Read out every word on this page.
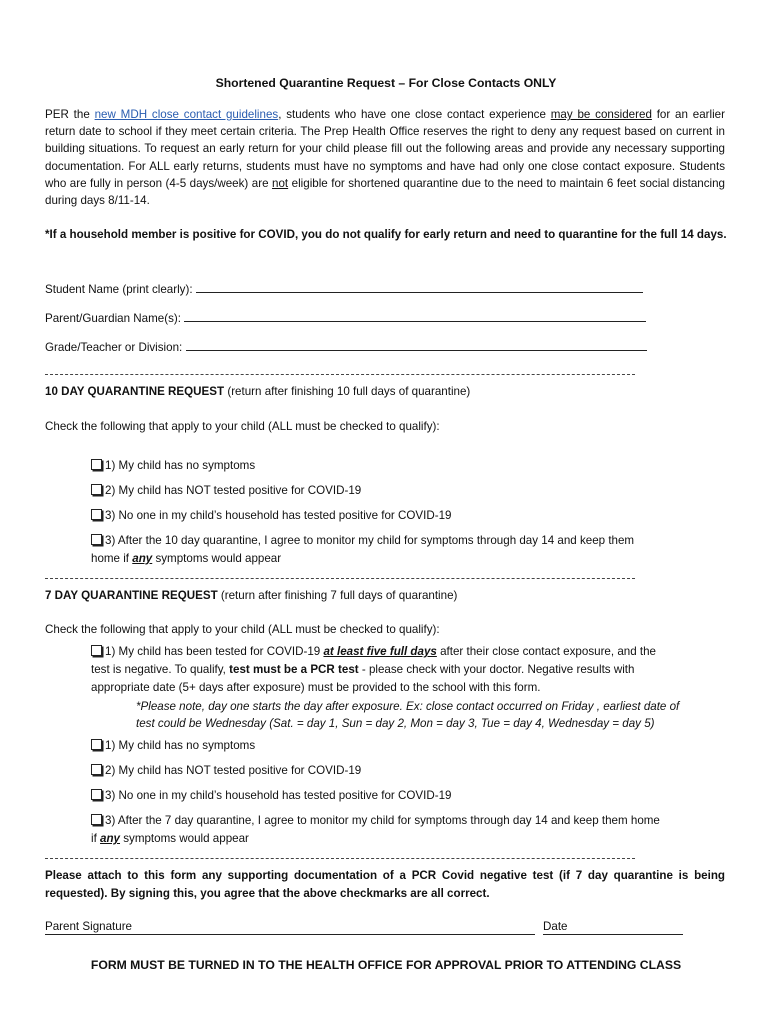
Shortened Quarantine Request – For Close Contacts ONLY
PER the new MDH close contact guidelines, students who have one close contact experience may be considered for an earlier return date to school if they meet certain criteria. The Prep Health Office reserves the right to deny any request based on current in building situations. To request an early return for your child please fill out the following areas and provide any necessary supporting documentation. For ALL early returns, students must have no symptoms and have had only one close contact exposure. Students who are fully in person (4-5 days/week) are not eligible for shortened quarantine due to the need to maintain 6 feet social distancing during days 8/11-14.
*If a household member is positive for COVID, you do not qualify for early return and need to quarantine for the full 14 days.
Student Name (print clearly):
Parent/Guardian Name(s):
Grade/Teacher or Division:
10 DAY QUARANTINE REQUEST (return after finishing 10 full days of quarantine)
Check the following that apply to your child (ALL must be checked to qualify):
1) My child has no symptoms
2) My child has NOT tested positive for COVID-19
3) No one in my child’s household has tested positive for COVID-19
3) After the 10 day quarantine, I agree to monitor my child for symptoms through day 14 and keep them
home if any symptoms would appear
7 DAY QUARANTINE REQUEST (return after finishing 7 full days of quarantine)
Check the following that apply to your child (ALL must be checked to qualify):
1) My child has been tested for COVID-19 at least five full days after their close contact exposure, and the
test is negative. To qualify, test must be a PCR test - please check with your doctor. Negative results with
appropriate date (5+ days after exposure) must be provided to the school with this form.
*Please note, day one starts the day after exposure. Ex: close contact occurred on Friday , earliest date of
test could be Wednesday (Sat. = day 1, Sun = day 2, Mon = day 3, Tue = day 4, Wednesday = day 5)
1) My child has no symptoms
2) My child has NOT tested positive for COVID-19
3) No one in my child’s household has tested positive for COVID-19
3) After the 7 day quarantine, I agree to monitor my child for symptoms through day 14 and keep them home
if any symptoms would appear
Please attach to this form any supporting documentation of a PCR Covid negative test (if 7 day quarantine is being requested). By signing this, you agree that the above checkmarks are all correct.
Parent Signature	Date
FORM MUST BE TURNED IN TO THE HEALTH OFFICE FOR APPROVAL PRIOR TO ATTENDING CLASS
